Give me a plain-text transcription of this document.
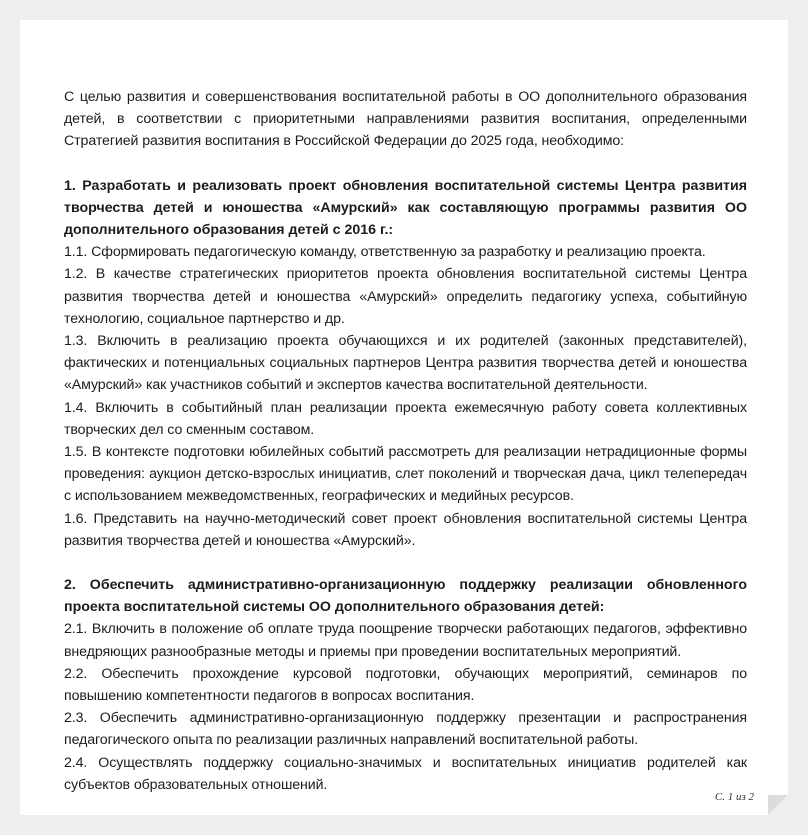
С целью развития и совершенствования воспитательной работы в ОО дополнительного образования детей, в соответствии с приоритетными направлениями развития воспитания, определенными Стратегией развития воспитания в Российской Федерации до 2025 года, необходимо:

1. Разработать и реализовать проект обновления воспитательной системы Центра развития творчества детей и юношества «Амурский» как составляющую программы развития ОО дополнительного образования детей с 2016 г.:

1.1. Сформировать педагогическую команду, ответственную за разработку и реализацию проекта.

1.2. В качестве стратегических приоритетов проекта обновления воспитательной системы Центра развития творчества детей и юношества «Амурский» определить педагогику успеха, событийную технологию, социальное партнерство и др.

1.3. Включить в реализацию проекта обучающихся и их родителей (законных представителей), фактических и потенциальных социальных партнеров Центра развития творчества детей и юношества «Амурский» как участников событий и экспертов качества воспитательной деятельности.

1.4. Включить в событийный план реализации проекта ежемесячную работу совета коллективных творческих дел со сменным составом.

1.5. В контексте подготовки юбилейных событий рассмотреть для реализации нетрадиционные формы проведения: аукцион детско-взрослых инициатив, слет поколений и творческая дача, цикл телепередач с использованием межведомственных, географических и медийных ресурсов.

1.6. Представить на научно-методический совет проект обновления воспитательной системы Центра развития творчества детей и юношества «Амурский».

2. Обеспечить административно-организационную поддержку реализации обновленного проекта воспитательной системы ОО дополнительного образования детей:

2.1. Включить в положение об оплате труда поощрение творчески работающих педагогов, эффективно внедряющих разнообразные методы и приемы при проведении воспитательных мероприятий.

2.2. Обеспечить прохождение курсовой подготовки, обучающих мероприятий, семинаров по повышению компетентности педагогов в вопросах воспитания.

2.3. Обеспечить административно-организационную поддержку презентации и распространения педагогического опыта по реализации различных направлений воспитательной работы.

2.4. Осуществлять поддержку социально-значимых и воспитательных инициатив родителей как субъектов образовательных отношений.

С. 1 из 2
